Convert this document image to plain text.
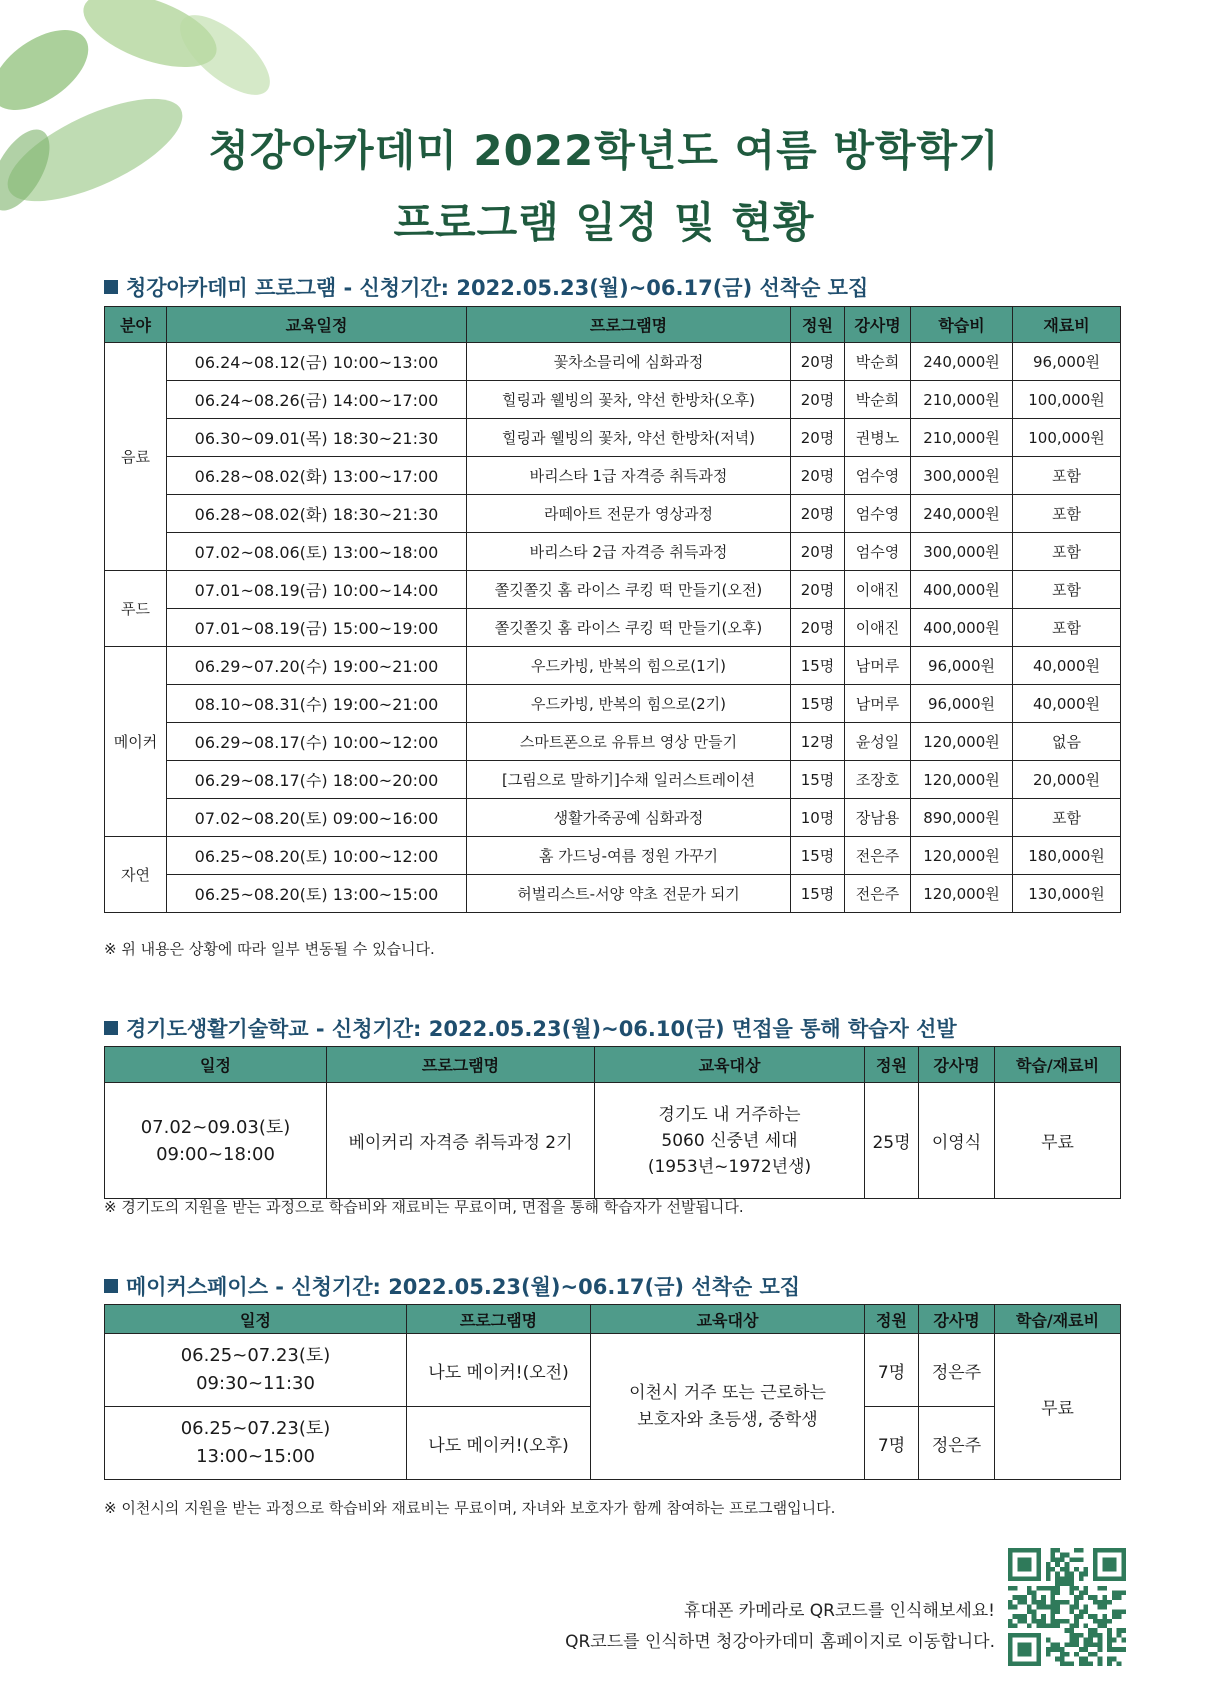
청강아카데미 2022학년도 여름 방학학기
프로그램 일정 및 현황
청강아카데미 프로그램 - 신청기간: 2022.05.23(월)~06.17(금) 선착순 모집
분야	교육일정	프로그램명	정원	강사명	학습비	재료비
음료	06.24~08.12(금) 10:00~13:00	꽃차소믈리에 심화과정	20명	박순희	240,000원	96,000원
	06.24~08.26(금) 14:00~17:00	힐링과 웰빙의 꽃차, 약선 한방차(오후)	20명	박순희	210,000원	100,000원
	06.30~09.01(목) 18:30~21:30	힐링과 웰빙의 꽃차, 약선 한방차(저녁)	20명	권병노	210,000원	100,000원
	06.28~08.02(화) 13:00~17:00	바리스타 1급 자격증 취득과정	20명	엄수영	300,000원	포함
	06.28~08.02(화) 18:30~21:30	라떼아트 전문가 영상과정	20명	엄수영	240,000원	포함
	07.02~08.06(토) 13:00~18:00	바리스타 2급 자격증 취득과정	20명	엄수영	300,000원	포함
푸드	07.01~08.19(금) 10:00~14:00	쫄깃쫄깃 홈 라이스 쿠킹 떡 만들기(오전)	20명	이애진	400,000원	포함
	07.01~08.19(금) 15:00~19:00	쫄깃쫄깃 홈 라이스 쿠킹 떡 만들기(오후)	20명	이애진	400,000원	포함
메이커	06.29~07.20(수) 19:00~21:00	우드카빙, 반복의 힘으로(1기)	15명	남머루	96,000원	40,000원
	08.10~08.31(수) 19:00~21:00	우드카빙, 반복의 힘으로(2기)	15명	남머루	96,000원	40,000원
	06.29~08.17(수) 10:00~12:00	스마트폰으로 유튜브 영상 만들기	12명	윤성일	120,000원	없음
	06.29~08.17(수) 18:00~20:00	[그림으로 말하기]수채 일러스트레이션	15명	조장호	120,000원	20,000원
	07.02~08.20(토) 09:00~16:00	생활가죽공예 심화과정	10명	장남용	890,000원	포함
자연	06.25~08.20(토) 10:00~12:00	홈 가드닝-여름 정원 가꾸기	15명	전은주	120,000원	180,000원
	06.25~08.20(토) 13:00~15:00	허벌리스트-서양 약초 전문가 되기	15명	전은주	120,000원	130,000원
※ 위 내용은 상황에 따라 일부 변동될 수 있습니다.
경기도생활기술학교 - 신청기간: 2022.05.23(월)~06.10(금) 면접을 통해 학습자 선발
일정	프로그램명	교육대상	정원	강사명	학습/재료비
07.02~09.03(토)
09:00~18:00	베이커리 자격증 취득과정 2기	경기도 내 거주하는
5060 신중년 세대
(1953년~1972년생)	25명	이영식	무료
※ 경기도의 지원을 받는 과정으로 학습비와 재료비는 무료이며, 면접을 통해 학습자가 선발됩니다.
메이커스페이스 - 신청기간: 2022.05.23(월)~06.17(금) 선착순 모집
일정	프로그램명	교육대상	정원	강사명	학습/재료비
06.25~07.23(토)
09:30~11:30	나도 메이커!(오전)	이천시 거주 또는 근로하는
보호자와 초등생, 중학생	7명	정은주	무료
06.25~07.23(토)
13:00~15:00	나도 메이커!(오후)		7명	정은주	
※ 이천시의 지원을 받는 과정으로 학습비와 재료비는 무료이며, 자녀와 보호자가 함께 참여하는 프로그램입니다.
휴대폰 카메라로 QR코드를 인식해보세요!
QR코드를 인식하면 청강아카데미 홈페이지로 이동합니다.
